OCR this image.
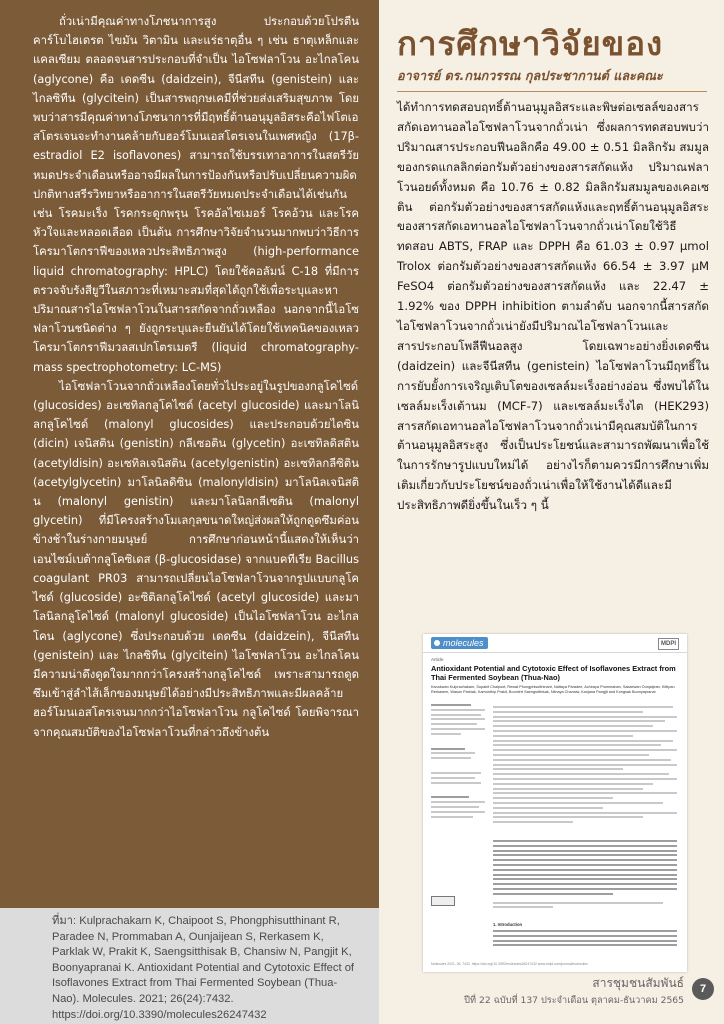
ถั่วเน่ามีคุณค่าทางโภชนาการสูง ประกอบด้วยโปรตีน คาร์โบไฮเดรต ไขมัน วิตามิน และแร่ธาตุอื่น ๆ เช่น ธาตุเหล็กและแคลเซียม ตลอดจนสารประกอบที่จำเป็น ไอโซฟลาโวน อะไกลโคน (aglycone) คือ เดดซีน (daidzein), จีนีสทีน (genistein) และ ไกลซิทีน (glycitein) เป็นสารพฤกษเคมีที่ช่วยส่งเสริมสุขภาพ โดยพบว่าสารมีคุณค่าทางโภชนาการที่มีฤทธิ์ต้านอนุมูลอิสระคือไฟโตเอสโตรเจนจะทำงานคล้ายกับฮอร์โมนเอสโตรเจนในเพศหญิง (17β-estradiol E2 isoflavones) สามารถใช้บรรเทาอาการในสตรีวัยหมดประจำเดือนหรืออาจมีผลในการป้องกันหรือปรับเปลี่ยนความผิดปกติทางสรีรวิทยาหรืออาการในสตรีวัยหมดประจำเดือนได้เช่นกัน เช่น โรคมะเร็ง โรคกระดูกพรุน โรคอัลไซเมอร์ โรคอ้วน และโรคหัวใจและหลอดเลือด เป็นต้น การศึกษาวิจัยจำนวนมากพบว่าวิธีการโครมาโตกราฟีของเหลวประสิทธิภาพสูง (high-performance liquid chromatography: HPLC) โดยใช้คอลัมน์ C-18 ที่มีการตรวจจับรังสียูวีในสภาวะที่เหมาะสมที่สุดได้ถูกใช้เพื่อระบุและหาปริมาณสารไอโซฟลาโวนในสารสกัดจากถั่วเหลือง นอกจากนี้ไอโซฟลาโวนชนิดต่าง ๆ ยังถูกระบุและยืนยันได้โดยใช้เทคนิคของเหลวโครมาโตกราฟีมวลสเปกโตรเมตรี (liquid chromatography-mass spectrophotometry: LC-MS)

ไอโซฟลาโวนจากถั่วเหลืองโดยทั่วไประอยู่ในรูปของกลูโคไซด์ (glucosides) อะเซทิลกลูโคไซด์ (acetyl glucoside) และมาโลนิลกลูโคไซด์ (malonyl glucosides) และประกอบด้วยไดซิน (dicin) เจนิสติน (genistin) กลีเซอติน (glycetin) อะเซทิลดิสติน (acetyldisin) อะเซทิลเจนิสติน (acetylgenistin) อะเซทิลกลีซิติน (acetylglycetin) มาโลนิลดิซิน (malonyldisin) มาโลนิลเจนิสติน (malonyl genistin) และมาโลนิลกลีเซติน (malonyl glycetin) ที่มีโครงสร้างโมเลกุลขนาดใหญ่ส่งผลให้ถูกดูดซึมค่อนข้างช้าในร่างกายมนุษย์ การศึกษาก่อนหน้านี้แสดงให้เห็นว่าเอนไซม์เบต้ากลูโคซิเดส (β-glucosidase) จากแบคทีเรีย Bacillus coagulant PR03 สามารถเปลี่ยนไอโซฟลาโวนจากรูปแบบกลูโคไซด์ (glucoside) อะซิติลกลูโคไซด์ (acetyl glucoside) และมาโลนิลกลูโคไซด์ (malonyl glucoside) เป็นไอโซฟลาโวน อะไกลโคน (aglycone) ซึ่งประกอบด้วย เดดซีน (daidzein), จีนีสทีน (genistein) และ ไกลซิทีน (glycitein) ไอโซฟลาโวน อะไกลโคนมีความน่าดึงดูดใจมากกว่าโครงสร้างกลูโคไซด์ เพราะสามารถดูดซึมเข้าสู่ลำไส้เล็กของมนุษย์ได้อย่างมีประสิทธิภาพและมีผลคล้ายฮอร์โมนเอสโตรเจนมากกว่าไอโซฟลาโวน กลูโคไซด์ โดยพิจารณาจากคุณสมบัติของไอโซฟลาโวนที่กล่าวถึงข้างต้น

ที่มา: Kulprachakarn K, Chaipoot S, Phongphisutthinant R, Paradee N, Prommaban A, Ounjaijean S, Rerkasem K, Parklak W, Prakit K, Saengsitthisak B, Chansiw N, Pangjit K, Boonyapranai K. Antioxidant Potential and Cytotoxic Effect of Isoflavones Extract from Thai Fermented Soybean (Thua-Nao). Molecules. 2021; 26(24):7432. https://doi.org/10.3390/molecules26247432
การศึกษาวิจัยของ
อาจารย์ ดร.กนกวรรณ กุลประชากานต์ และคณะ

ได้ทำการทดสอบฤทธิ์ต้านอนุมูลอิสระและพิษต่อเซลล์ของสารสกัดเอทานอลไอโซฟลาโวนจากถั่วเน่า ซึ่งผลการทดสอบพบว่าปริมาณสารประกอบฟีนอลิกคือ 49.00 ± 0.51 มิลลิกรัม สมมูลของกรดแกลลิกต่อกรัมตัวอย่างของสารสกัดแห้ง ปริมาณฟลาโวนอยด์ทั้งหมด คือ 10.76 ± 0.82 มิลลิกรัมสมมูลของเคอเซติน ต่อกรัมตัวอย่างของสารสกัดแห้งและฤทธิ์ต้านอนุมูลอิสระของสารสกัดเอทานอลไอโซฟลาโวนจากถั่วเน่าโดยใช้วิธีทดสอบ ABTS, FRAP และ DPPH คือ 61.03 ± 0.97 µmol Trolox ต่อกรัมตัวอย่างของสารสกัดแห้ง 66.54 ± 3.97 µM FeSO4 ต่อกรัมตัวอย่างของสารสกัดแห้ง และ 22.47 ± 1.92% ของ DPPH inhibition ตามลำดับ นอกจากนี้สารสกัดไอโซฟลาโวนจากถั่วเน่ายังมีปริมาณไอโซฟลาโวนและ สารประกอบโพลีฟีนอลสูง โดยเฉพาะอย่างยิ่งเดดซีน (daidzein) และจีนีสทีน (genistein) ไอโซฟลาโวนมีฤทธิ์ในการยับยั้งการเจริญเติบโตของเซลล์มะเร็งอย่างอ่อน ซึ่งพบได้ในเซลล์มะเร็งเต้านม (MCF-7) และเซลล์มะเร็งไต (HEK293) สารสกัดเอทานอลไอโซฟลาโวนจากถั่วเน่ามีคุณสมบัติในการต้านอนุมูลอิสระสูง ซึ่งเป็นประโยชน์และสามารถพัฒนาเพื่อใช้ในการรักษารูปแบบใหม่ได้ อย่างไรก็ตามควรมีการศึกษาเพิ่มเติมเกี่ยวกับประโยชน์ของถั่วเน่าเพื่อให้ใช้งานได้ดีและมีประสิทธิภาพดียิ่งขึ้นในเร็ว ๆ นี้

molecules	MDPI
Article
Antioxidant Potential and Cytotoxic Effect of Isoflavones Extract from Thai Fermented Soybean (Thua-Nao)
Kanokwan Kulprachakarn, Supakit Chaipoot, Rewat Phongphisutthinant, Nattaya Paradee, Achiraya Prommaban, Sakaewan Ounjaijean, Kittipan Rerkasem, Wason Parklak, Kamonthip Prakit, Boonlert Saengsitthisak, Nilnaya Chansiw, Kanjana Pangjit and Kongsak Boonyapranai
1. Introduction
Molecules 2021, 26, 7432. https://doi.org/10.3390/molecules26247432 www.mdpi.com/journal/molecules
สารชุมชนสัมพันธ์
ปีที่ 22 ฉบับที่ 137 ประจำเดือน ตุลาคม-ธันวาคม 2565
7
